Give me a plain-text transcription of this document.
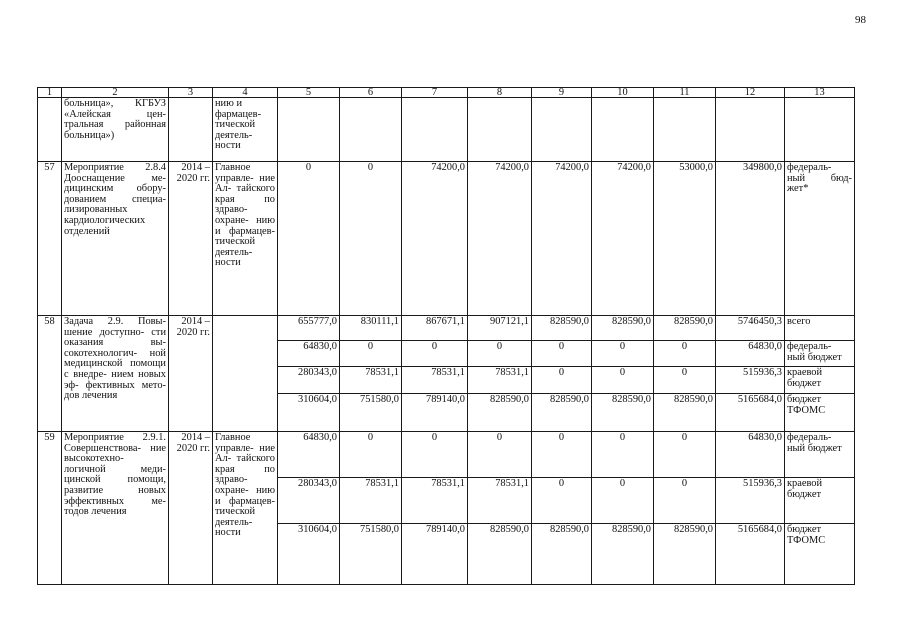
98
1	2	3	4	5	6	7	8	9	10	11	12	13
	больница», КГБУЗ «Алейская цен- тральная районная больница»)		нию и фармацев- тической деятель- ности									
57	Мероприятие 2.8.4 Дооснащение ме- дицинским обору- дованием специа- лизированных кардиологических отделений	2014 – 2020 гг.	Главное управле- ние Ал- тайского края по здраво- охране- нию и фармацев- тической деятель- ности	0	0	74200,0	74200,0	74200,0	74200,0	53000,0	349800,0	федераль- ный бюд- жет*
58	Задача 2.9. Повы- шение доступно- сти оказания вы- сокотехнологич- ной медицинской помощи с внедре- нием новых эф- фективных мето- дов лечения	2014 – 2020 гг.		655777,0	830111,1	867671,1	907121,1	828590,0	828590,0	828590,0	5746450,3	всего
				64830,0	0	0	0	0	0	0	64830,0	федераль- ный бюджет
				280343,0	78531,1	78531,1	78531,1	0	0	0	515936,3	краевой бюджет
				310604,0	751580,0	789140,0	828590,0	828590,0	828590,0	828590,0	5165684,0	бюджет ТФОМС
59	Мероприятие 2.9.1. Совершенствова- ние высокотехно- логичной меди- цинской помощи, развитие новых эффективных ме- тодов лечения	2014 – 2020 гг.	Главное управле- ние Ал- тайского края по здраво- охране- нию и фармацев- тической деятель- ности	64830,0	0	0	0	0	0	0	64830,0	федераль- ный бюджет
				280343,0	78531,1	78531,1	78531,1	0	0	0	515936,3	краевой бюджет
				310604,0	751580,0	789140,0	828590,0	828590,0	828590,0	828590,0	5165684,0	бюджет ТФОМС
